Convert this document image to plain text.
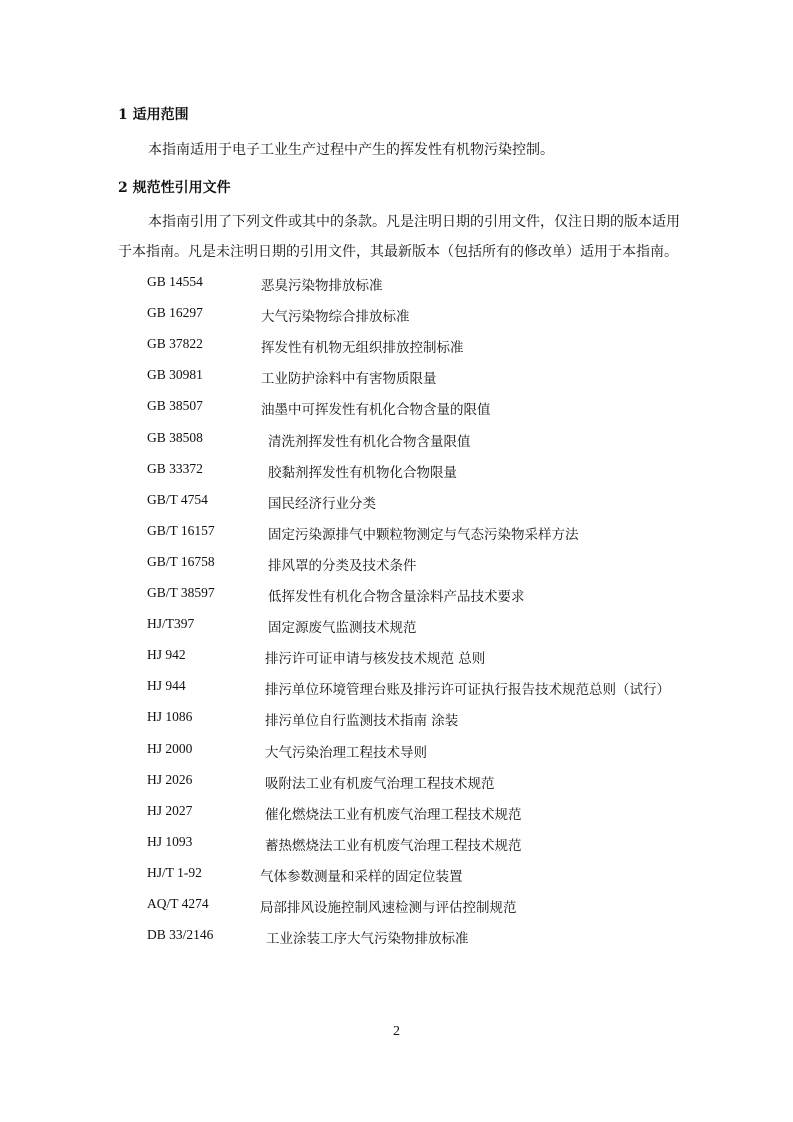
1 适用范围
本指南适用于电子工业生产过程中产生的挥发性有机物污染控制。
2 规范性引用文件
本指南引用了下列文件或其中的条款。凡是注明日期的引用文件，仅注日期的版本适用
于本指南。凡是未注明日期的引用文件，其最新版本（包括所有的修改单）适用于本指南。
GB 14554	恶臭污染物排放标准
GB 16297	大气污染物综合排放标准
GB 37822	挥发性有机物无组织排放控制标准
GB 30981	工业防护涂料中有害物质限量
GB 38507	油墨中可挥发性有机化合物含量的限值
GB 38508	清洗剂挥发性有机化合物含量限值
GB 33372	胶黏剂挥发性有机物化合物限量
GB/T 4754	国民经济行业分类
GB/T 16157	固定污染源排气中颗粒物测定与气态污染物采样方法
GB/T 16758	排风罩的分类及技术条件
GB/T 38597	低挥发性有机化合物含量涂料产品技术要求
HJ/T397	固定源废气监测技术规范
HJ 942	排污许可证申请与核发技术规范 总则
HJ 944	排污单位环境管理台账及排污许可证执行报告技术规范总则（试行）
HJ 1086	排污单位自行监测技术指南 涂装
HJ 2000	大气污染治理工程技术导则
HJ 2026	吸附法工业有机废气治理工程技术规范
HJ 2027	催化燃烧法工业有机废气治理工程技术规范
HJ 1093	蓄热燃烧法工业有机废气治理工程技术规范
HJ/T 1-92	气体参数测量和采样的固定位装置
AQ/T 4274	局部排风设施控制风速检测与评估控制规范
DB 33/2146	工业涂装工序大气污染物排放标准
2
